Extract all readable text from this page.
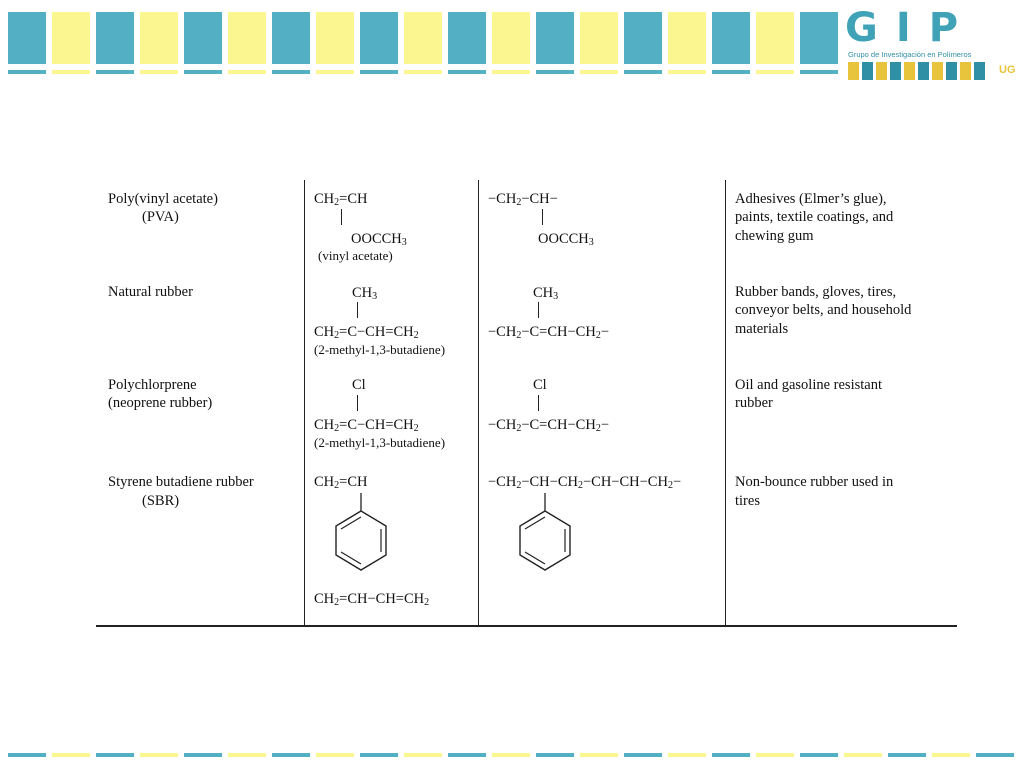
GIP
Grupo de Investigación en Polímeros
UG
Poly(vinyl acetate)
(PVA)
$CH_2=CH$
$OOCCH_3$
(vinyl acetate)
$-CH_2-CH-$
$OOCCH_3$
Adhesives (Elmer’s glue),
paints, textile coatings, and
chewing gum
Natural rubber	$CH_3$
$CH_2=C-CH=CH_2$
(2-methyl-1,3-butadiene)
$CH_3$
$-CH_2-C=CH-CH_2-$
Rubber bands, gloves, tires,
conveyor belts, and household
materials
Polychlorprene
(neoprene rubber)
Cl
$CH_2=C-CH=CH_2$
(2-methyl-1,3-butadiene)
Cl
$-CH_2-C=CH-CH_2-$
Oil and gasoline resistant
rubber
Styrene butadiene rubber
(SBR)
$CH_2=CH$
$CH_2=CH-CH=CH_2$
$-CH_2-CH-CH_2-CH-CH-CH_2-$	Non-bounce rubber used in
tires
